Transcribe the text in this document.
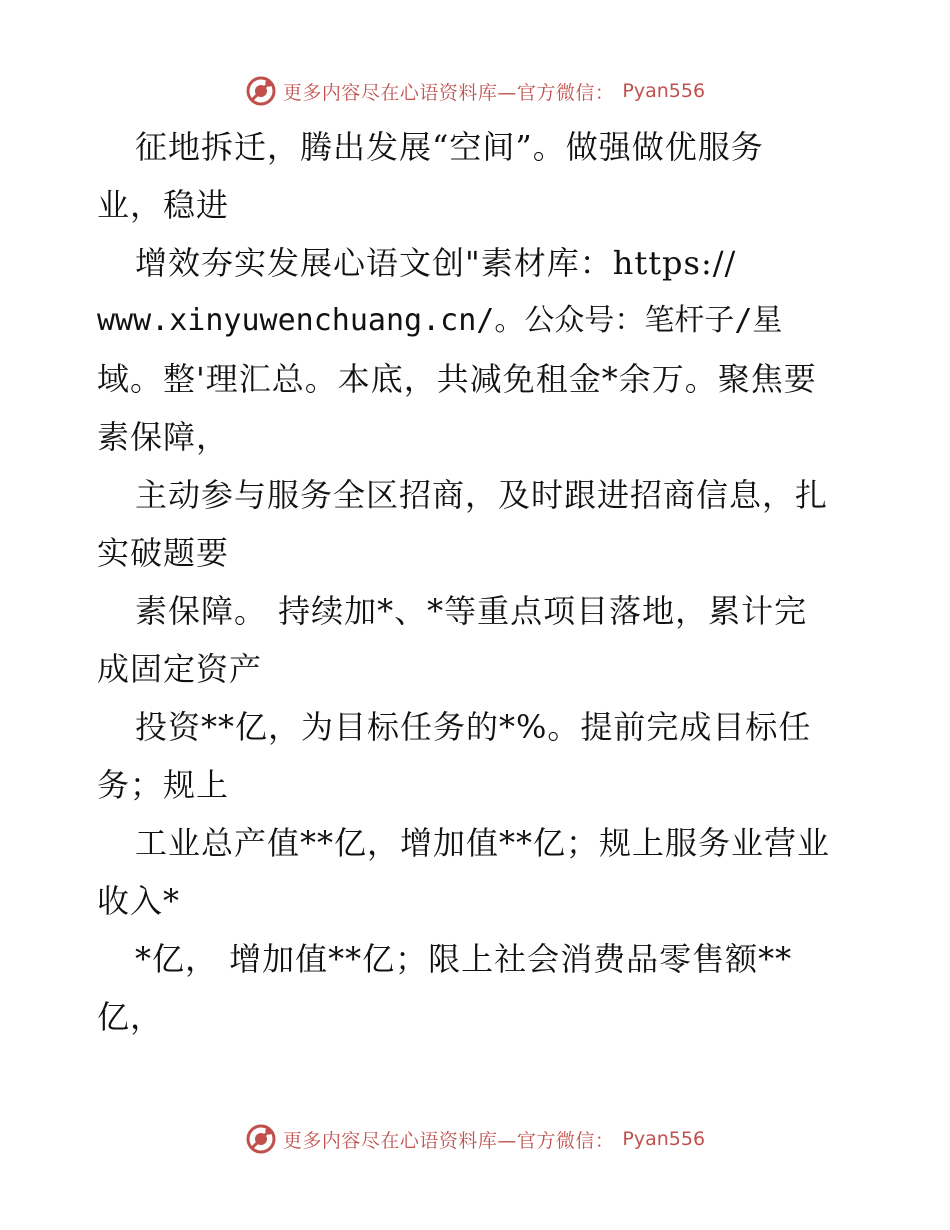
更多内容尽在心语资料库—官方微信： Pyan556
征地拆迁，腾出发展“空间”。做强做优服务
业，稳进
增效夯实发展心语文创"素材库：https://
www.xinyuwenchuang.cn/。公众号：笔杆子/星
域。整'理汇总。本底，共减免租金*余万。聚焦要
素保障，
主动参与服务全区招商，及时跟进招商信息，扎
实破题要
素保障。 持续加*、*等重点项目落地，累计完
成固定资产
投资**亿，为目标任务的*%。提前完成目标任
务；规上
工业总产值**亿，增加值**亿；规上服务业营业
收入*
*亿， 增加值**亿；限上社会消费品零售额**
亿，
更多内容尽在心语资料库—官方微信： Pyan556
